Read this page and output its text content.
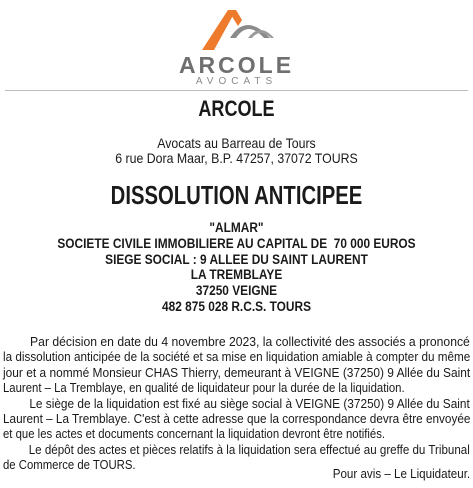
ARCOLE
AVOCATS
ARCOLE
Avocats au Barreau de Tours
6 rue Dora Maar, B.P. 47257, 37072 TOURS
DISSOLUTION ANTICIPEE
"ALMAR"
SOCIETE CIVILE IMMOBILIERE AU CAPITAL DE  70 000 EUROS
SIEGE SOCIAL : 9 ALLEE DU SAINT LAURENT
LA TREMBLAYE
37250 VEIGNE
482 875 028 R.C.S. TOURS
Par décision en date du 4 novembre 2023, la collectivité des associés a prononcé
la dissolution anticipée de la société et sa mise en liquidation amiable à compter du même
jour et a nommé Monsieur CHAS Thierry, demeurant à VEIGNE (37250) 9 Allée du Saint
Laurent – La Tremblaye, en qualité de liquidateur pour la durée de la liquidation.
Le siège de la liquidation est fixé au siège social à VEIGNE (37250) 9 Allée du Saint
Laurent – La Tremblaye. C'est à cette adresse que la correspondance devra être envoyée
et que les actes et documents concernant la liquidation devront être notifiés.
Le dépôt des actes et pièces relatifs à la liquidation sera effectué au greffe du Tribunal
de Commerce de TOURS.
Pour avis – Le Liquidateur.
